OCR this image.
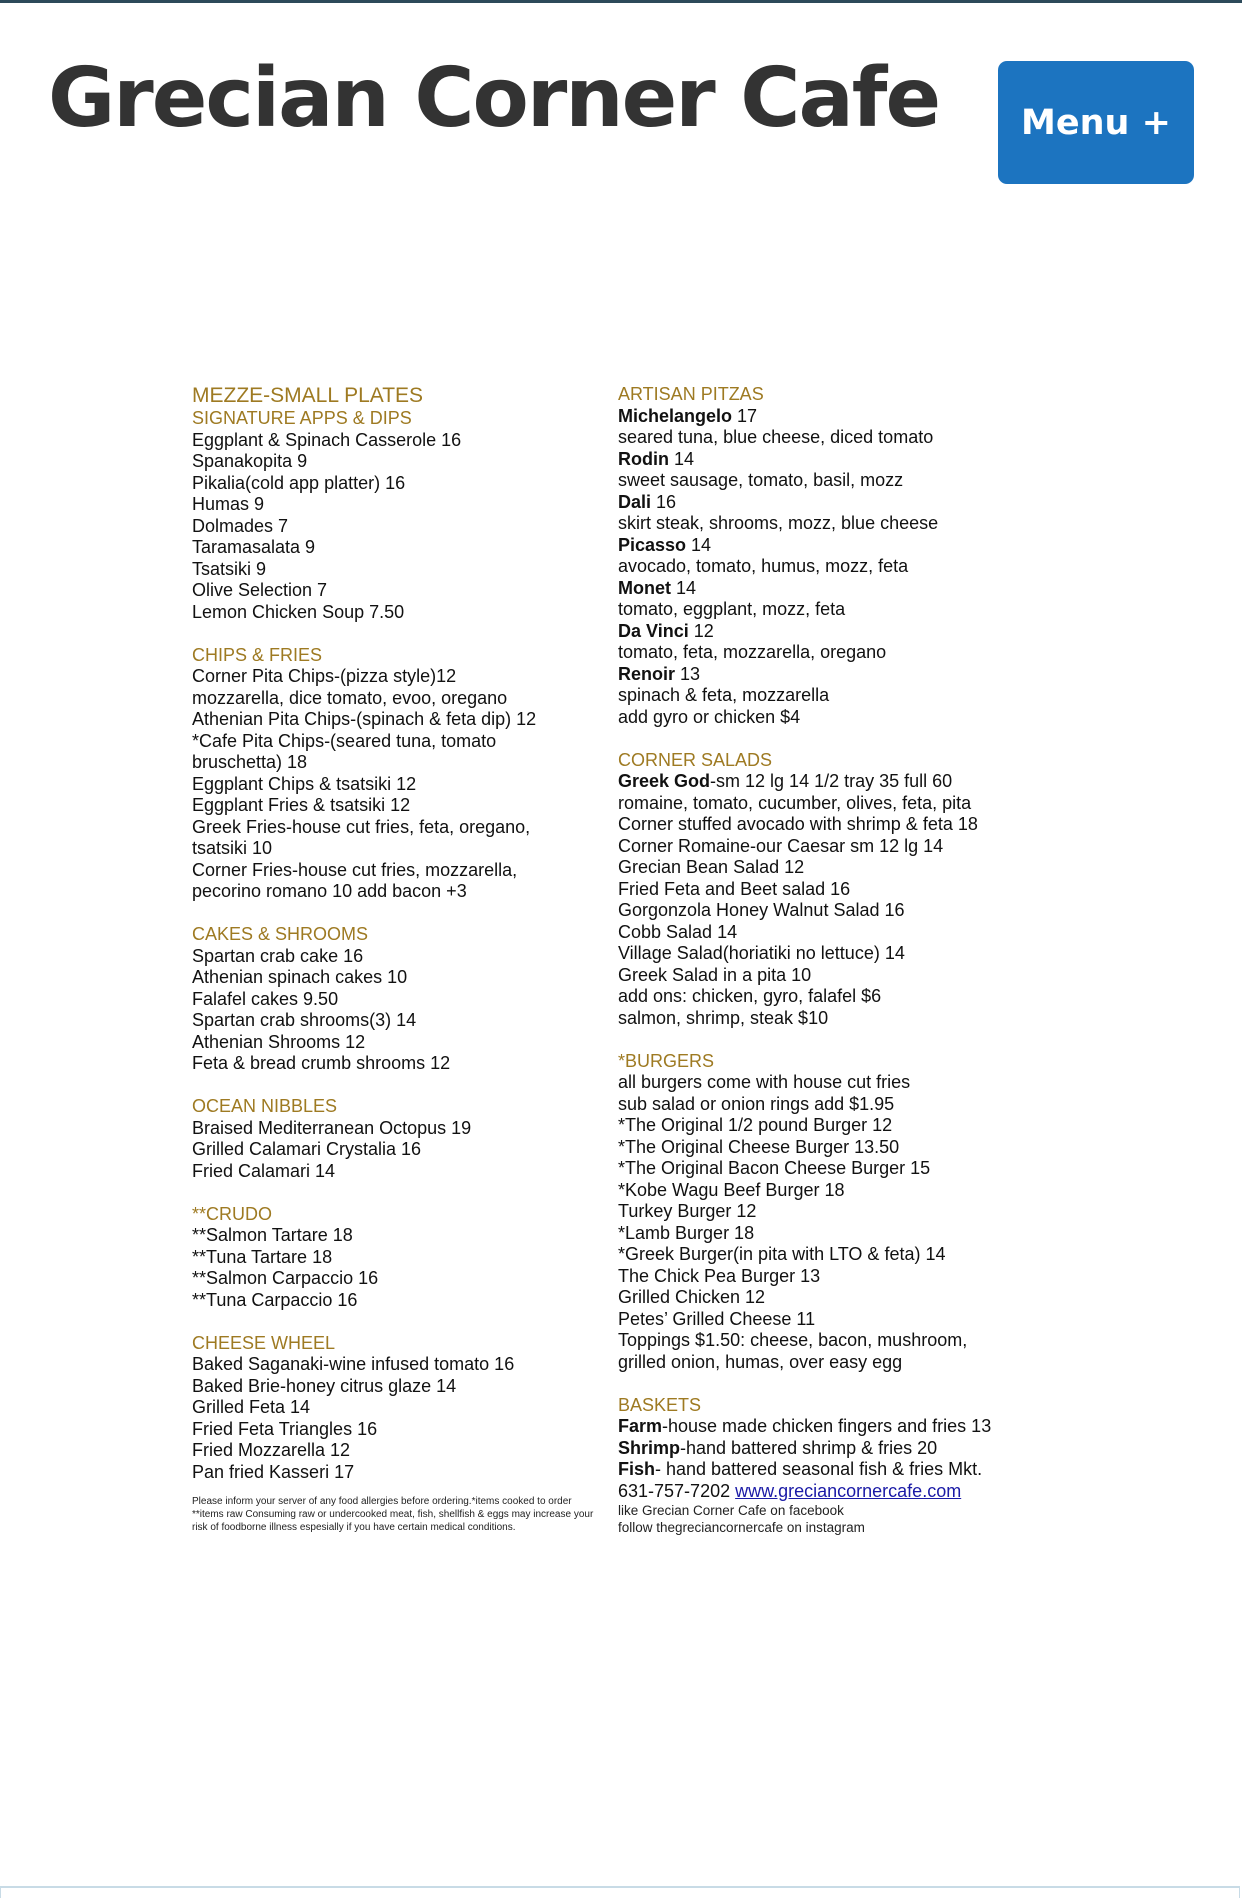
Grecian Corner Cafe	Menu +
MEZZE-SMALL PLATES
SIGNATURE APPS & DIPS
Eggplant & Spinach Casserole 16
Spanakopita 9
Pikalia(cold app platter) 16
Humas 9
Dolmades 7
Taramasalata 9
Tsatsiki 9
Olive Selection 7
Lemon Chicken Soup 7.50
CHIPS & FRIES
Corner Pita Chips-(pizza style)12
mozzarella, dice tomato, evoo, oregano
Athenian Pita Chips-(spinach & feta dip) 12
*Cafe Pita Chips-(seared tuna, tomato
bruschetta) 18
Eggplant Chips & tsatsiki 12
Eggplant Fries & tsatsiki 12
Greek Fries-house cut fries, feta, oregano,
tsatsiki 10
Corner Fries-house cut fries, mozzarella,
pecorino romano 10 add bacon +3
CAKES & SHROOMS
Spartan crab cake 16
Athenian spinach cakes 10
Falafel cakes 9.50
Spartan crab shrooms(3) 14
Athenian Shrooms 12
Feta & bread crumb shrooms 12
OCEAN NIBBLES
Braised Mediterranean Octopus 19
Grilled Calamari Crystalia 16
Fried Calamari 14
**CRUDO
**Salmon Tartare 18
**Tuna Tartare 18
**Salmon Carpaccio 16
**Tuna Carpaccio 16
CHEESE WHEEL
Baked Saganaki-wine infused tomato 16
Baked Brie-honey citrus glaze 14
Grilled Feta 14
Fried Feta Triangles 16
Fried Mozzarella 12
Pan fried Kasseri 17
Please inform your server of any food allergies before ordering.*items cooked to order **items raw Consuming raw or undercooked meat, fish, shellfish & eggs may increase your risk of foodborne illness espesially if you have certain medical conditions.
ARTISAN PITZAS
Michelangelo 17
seared tuna, blue cheese, diced tomato
Rodin 14
sweet sausage, tomato, basil, mozz
Dali 16
skirt steak, shrooms, mozz, blue cheese
Picasso 14
avocado, tomato, humus, mozz, feta
Monet 14
tomato, eggplant, mozz, feta
Da Vinci 12
tomato, feta, mozzarella, oregano
Renoir 13
spinach & feta, mozzarella
add gyro or chicken $4
CORNER SALADS
Greek God-sm 12 lg 14 1/2 tray 35 full 60
romaine, tomato, cucumber, olives, feta, pita
Corner stuffed avocado with shrimp & feta 18
Corner Romaine-our Caesar sm 12 lg 14
Grecian Bean Salad 12
Fried Feta and Beet salad 16
Gorgonzola Honey Walnut Salad 16
Cobb Salad 14
Village Salad(horiatiki no lettuce) 14
Greek Salad in a pita 10
add ons: chicken, gyro, falafel $6
salmon, shrimp, steak $10
*BURGERS
all burgers come with house cut fries
sub salad or onion rings add $1.95
*The Original 1/2 pound Burger 12
*The Original Cheese Burger 13.50
*The Original Bacon Cheese Burger 15
*Kobe Wagu Beef Burger 18
Turkey Burger 12
*Lamb Burger 18
*Greek Burger(in pita with LTO & feta) 14
The Chick Pea Burger 13
Grilled Chicken 12
Petes’ Grilled Cheese 11
Toppings $1.50: cheese, bacon, mushroom,
grilled onion, humas, over easy egg
BASKETS
Farm-house made chicken fingers and fries 13
Shrimp-hand battered shrimp & fries 20
Fish- hand battered seasonal fish & fries Mkt.
631-757-7202 www.greciancornercafe.com
like Grecian Corner Cafe on facebook
follow thegreciancornercafe on instagram
